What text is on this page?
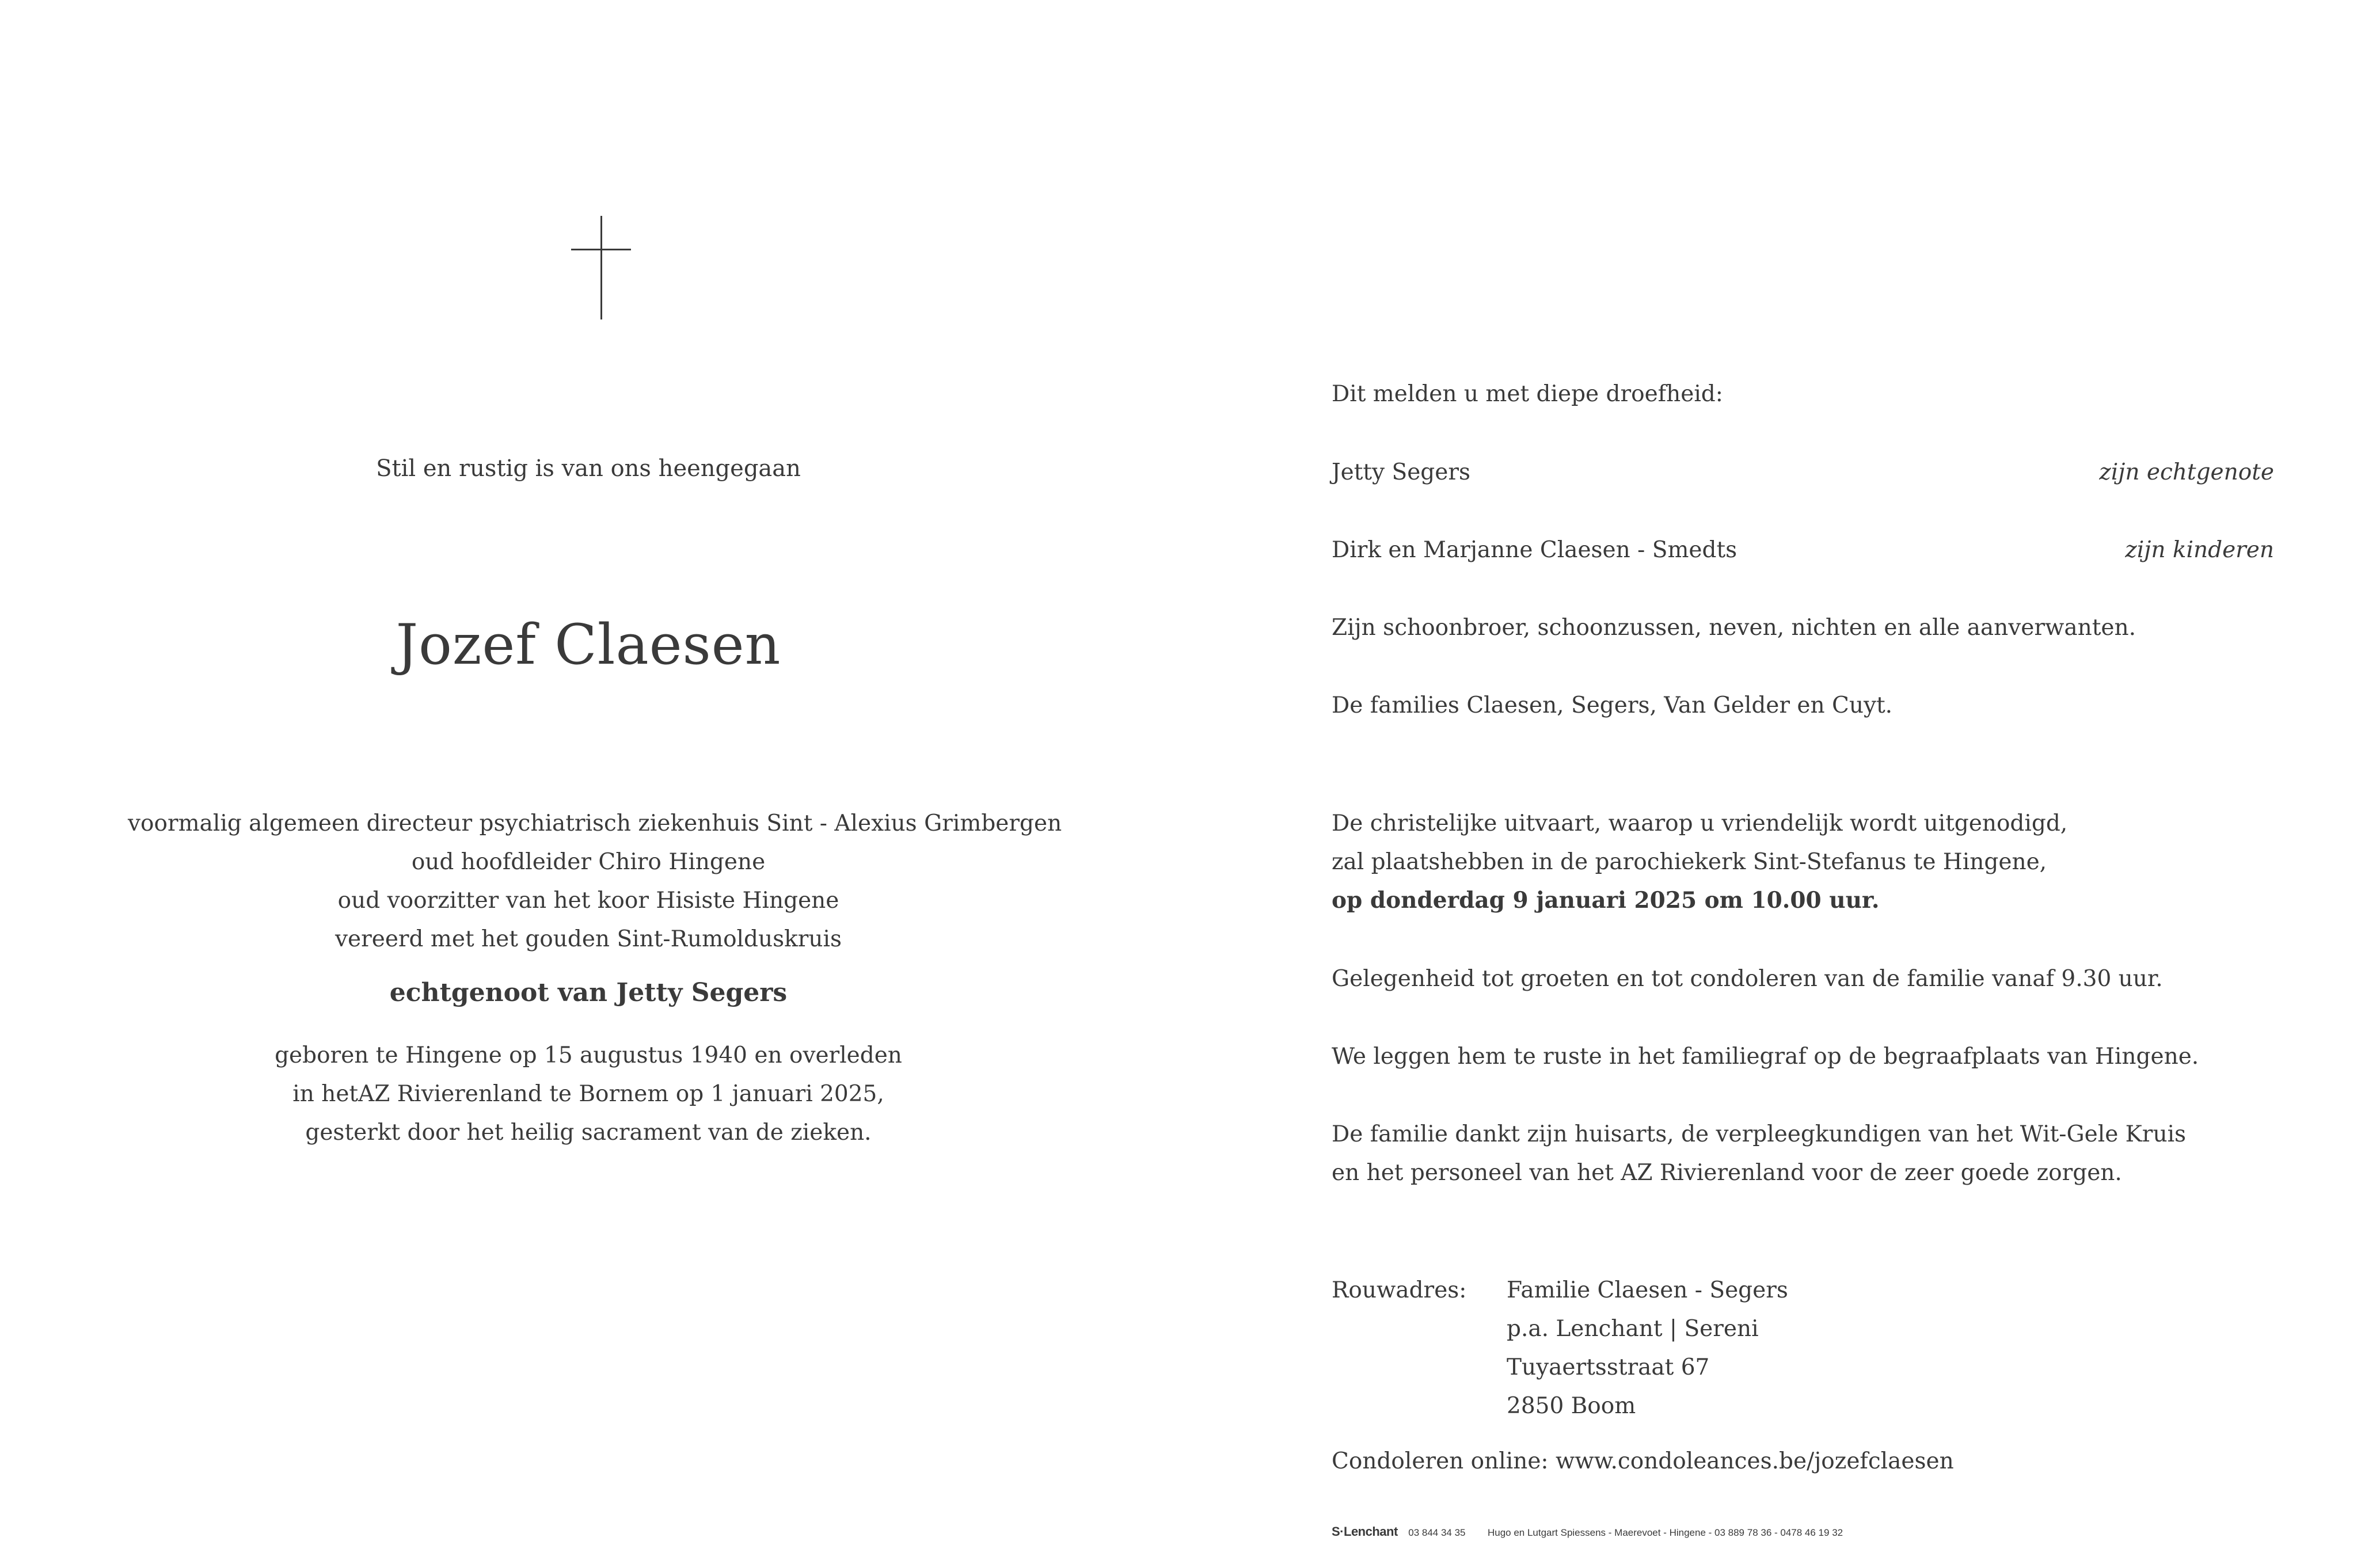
Stil en rustig is van ons heengegaan
Jozef Claesen
voormalig algemeen directeur psychiatrisch ziekenhuis Sint - Alexius Grimbergen
oud hoofdleider Chiro Hingene
oud voorzitter van het koor Hisiste Hingene
vereerd met het gouden Sint-Rumolduskruis
echtgenoot van Jetty Segers
geboren te Hingene op 15 augustus 1940 en overleden
in hetAZ Rivierenland te Bornem op 1 januari 2025,
gesterkt door het heilig sacrament van de zieken.
Dit melden u met diepe droefheid:
Jetty Segers	zijn echtgenote
Dirk en Marjanne Claesen - Smedts	zijn kinderen
Zijn schoonbroer, schoonzussen, neven, nichten en alle aanverwanten.
De families Claesen, Segers, Van Gelder en Cuyt.
De christelijke uitvaart, waarop u vriendelijk wordt uitgenodigd,
zal plaatshebben in de parochiekerk Sint-Stefanus te Hingene,
op donderdag 9 januari 2025 om 10.00 uur.
Gelegenheid tot groeten en tot condoleren van de familie vanaf 9.30 uur.
We leggen hem te ruste in het familiegraf op de begraafplaats van Hingene.
De familie dankt zijn huisarts, de verpleegkundigen van het Wit-Gele Kruis
en het personeel van het AZ Rivierenland voor de zeer goede zorgen.
Rouwadres: Familie Claesen - Segers
p.a. Lenchant | Sereni
Tuyaertsstraat 67
2850 Boom
Condoleren online: www.condoleances.be/jozefclaesen
S·Lenchant 03 844 34 35 Hugo en Lutgart Spiessens - Maerevoet - Hingene - 03 889 78 36 - 0478 46 19 32
